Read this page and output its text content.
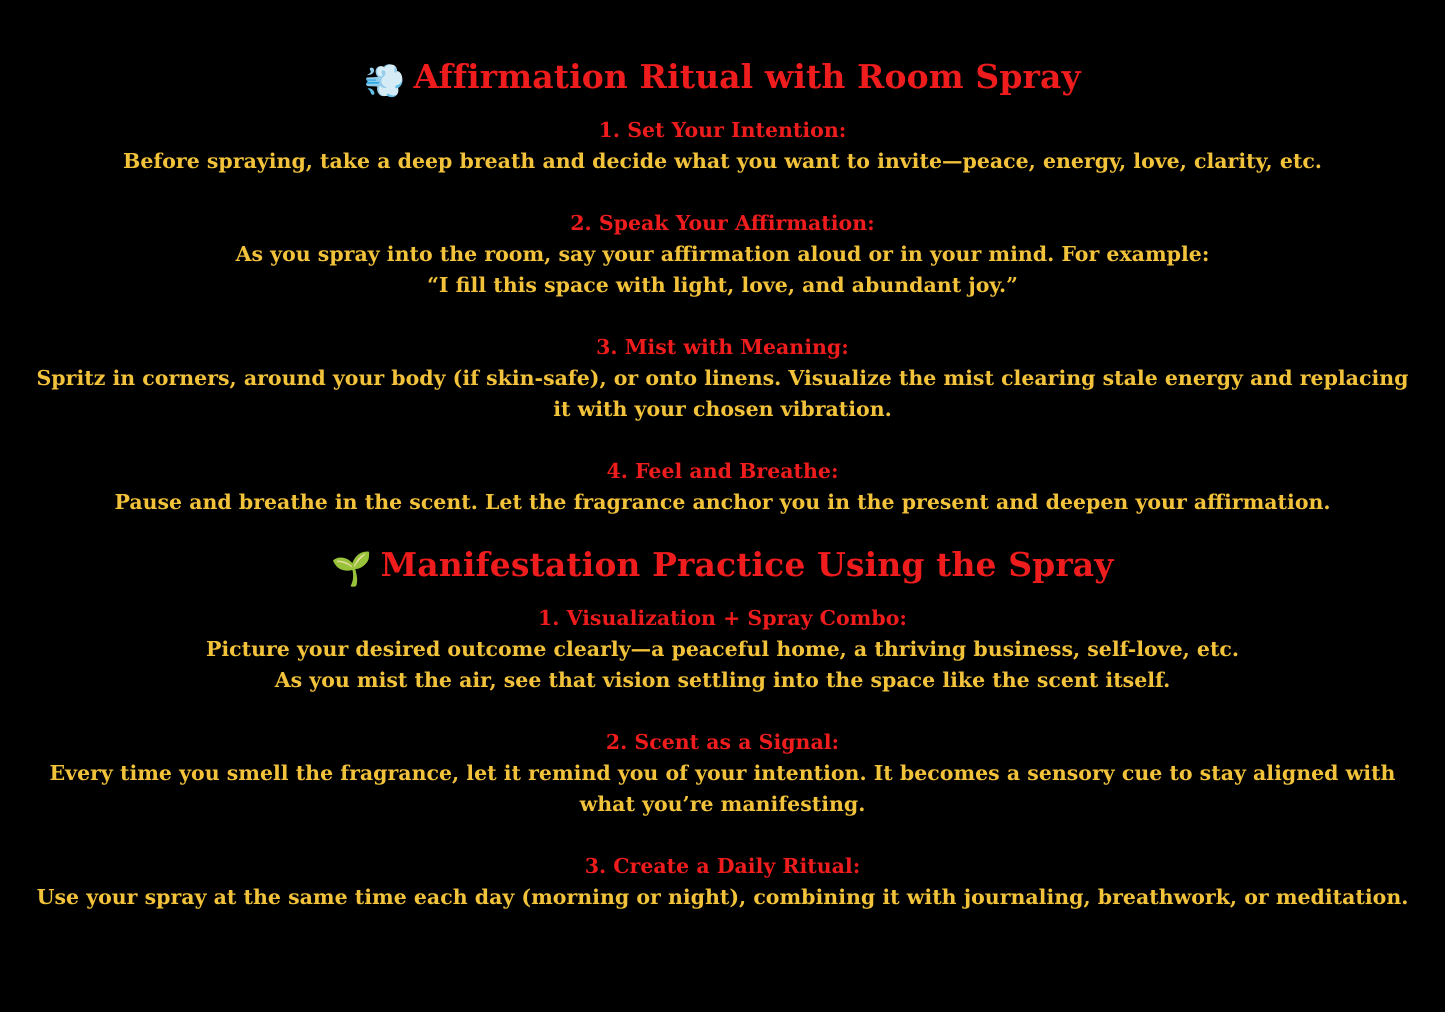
💨 Affirmation Ritual with Room Spray
1. Set Your Intention:
Before spraying, take a deep breath and decide what you want to invite—peace, energy, love, clarity, etc.
2. Speak Your Affirmation:
As you spray into the room, say your affirmation aloud or in your mind. For example:
“I fill this space with light, love, and abundant joy.”
3. Mist with Meaning:
Spritz in corners, around your body (if skin-safe), or onto linens. Visualize the mist clearing stale energy and replacing it with your chosen vibration.
4. Feel and Breathe:
Pause and breathe in the scent. Let the fragrance anchor you in the present and deepen your affirmation.
🌱 Manifestation Practice Using the Spray
1. Visualization + Spray Combo:
Picture your desired outcome clearly—a peaceful home, a thriving business, self-love, etc.
As you mist the air, see that vision settling into the space like the scent itself.
2. Scent as a Signal:
Every time you smell the fragrance, let it remind you of your intention. It becomes a sensory cue to stay aligned with what you’re manifesting.
3. Create a Daily Ritual:
Use your spray at the same time each day (morning or night), combining it with journaling, breathwork, or meditation.
